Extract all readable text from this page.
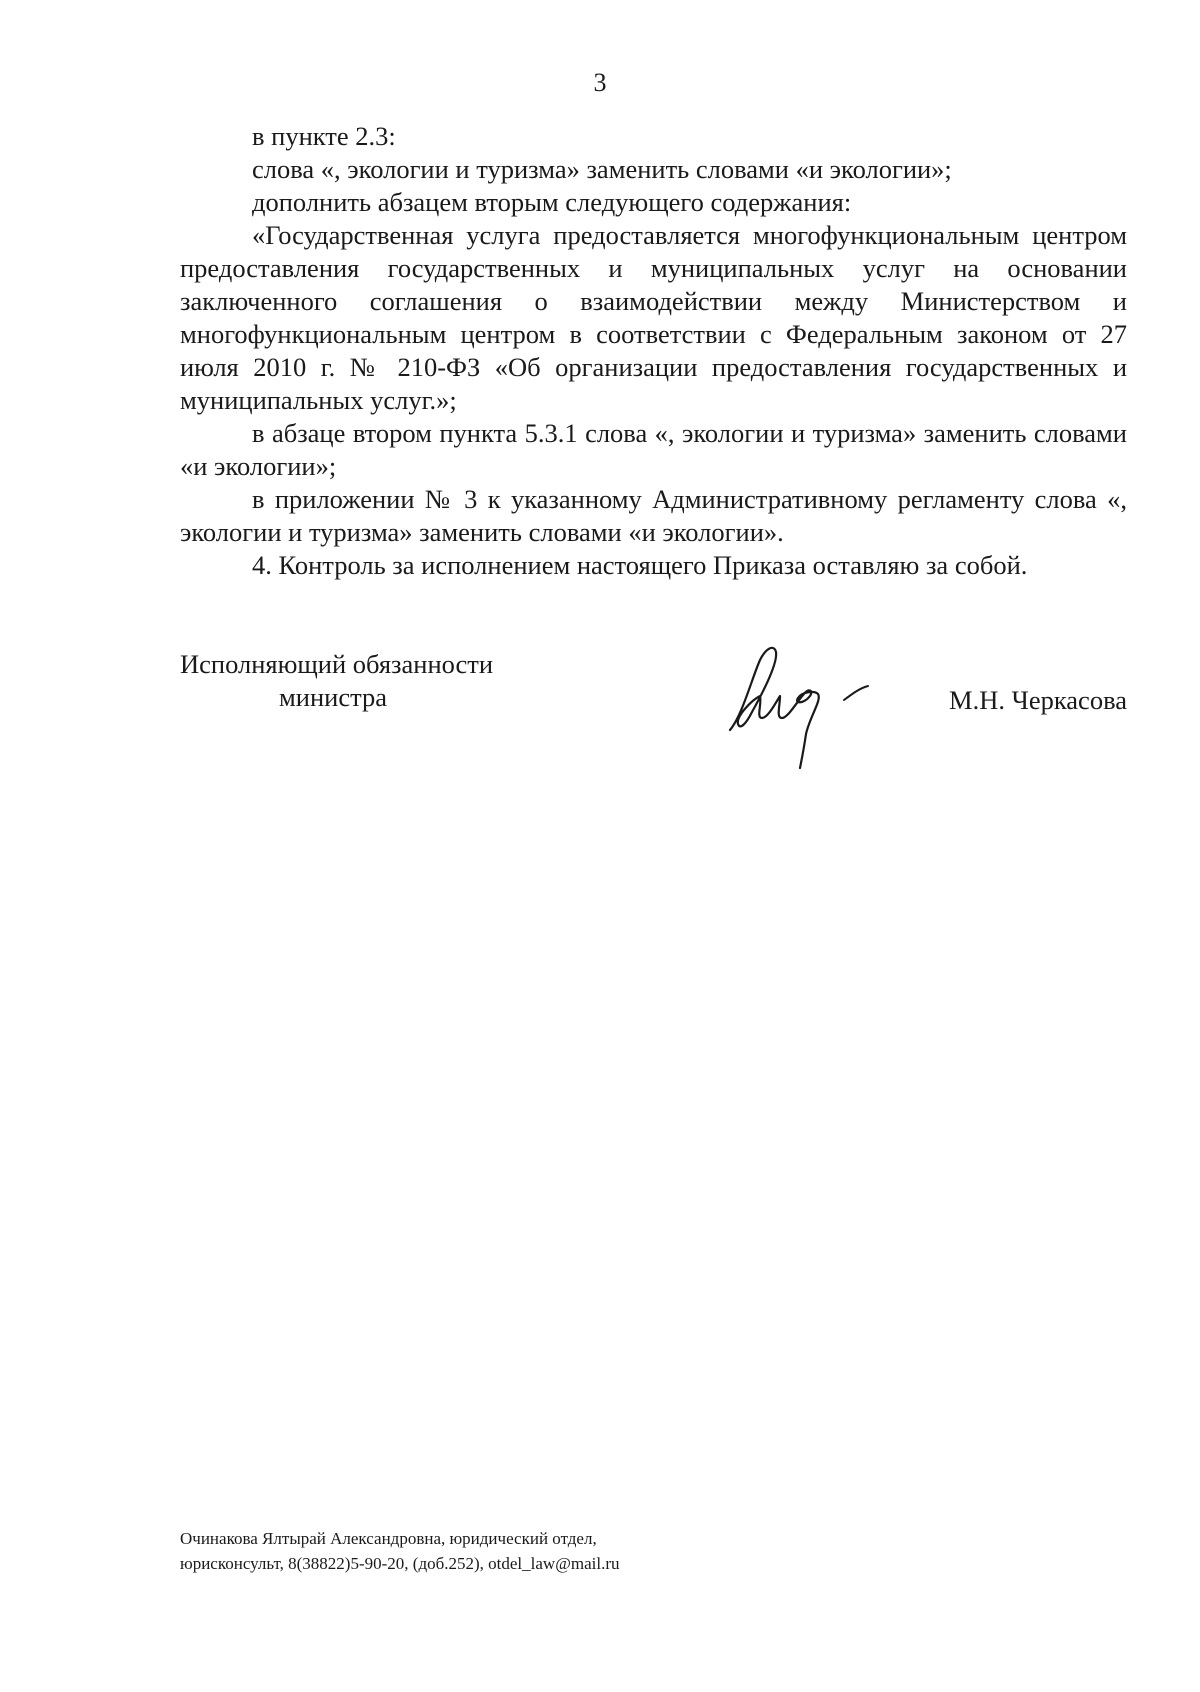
3

в пункте 2.3:

слова «, экологии и туризма» заменить словами «и экологии»;

дополнить абзацем вторым следующего содержания:

«Государственная услуга предоставляется многофункциональным центром предоставления государственных и муниципальных услуг на основании заключенного соглашения о взаимодействии между Министерством и многофункциональным центром в соответствии с Федеральным законом от 27 июля 2010 г. № 210-ФЗ «Об организации предоставления государственных и муниципальных услуг.»;

в абзаце втором пункта 5.3.1 слова «, экологии и туризма» заменить словами «и экологии»;

в приложении № 3 к указанному Административному регламенту слова «, экологии и туризма» заменить словами «и экологии».

4. Контроль за исполнением настоящего Приказа оставляю за собой.

Исполняющий обязанности
министра	М.Н. Черкасова
Очинакова Ялтырай Александровна, юридический отдел,
юрисконсульт, 8(38822)5-90-20, (доб.252), otdel_law@mail.ru
